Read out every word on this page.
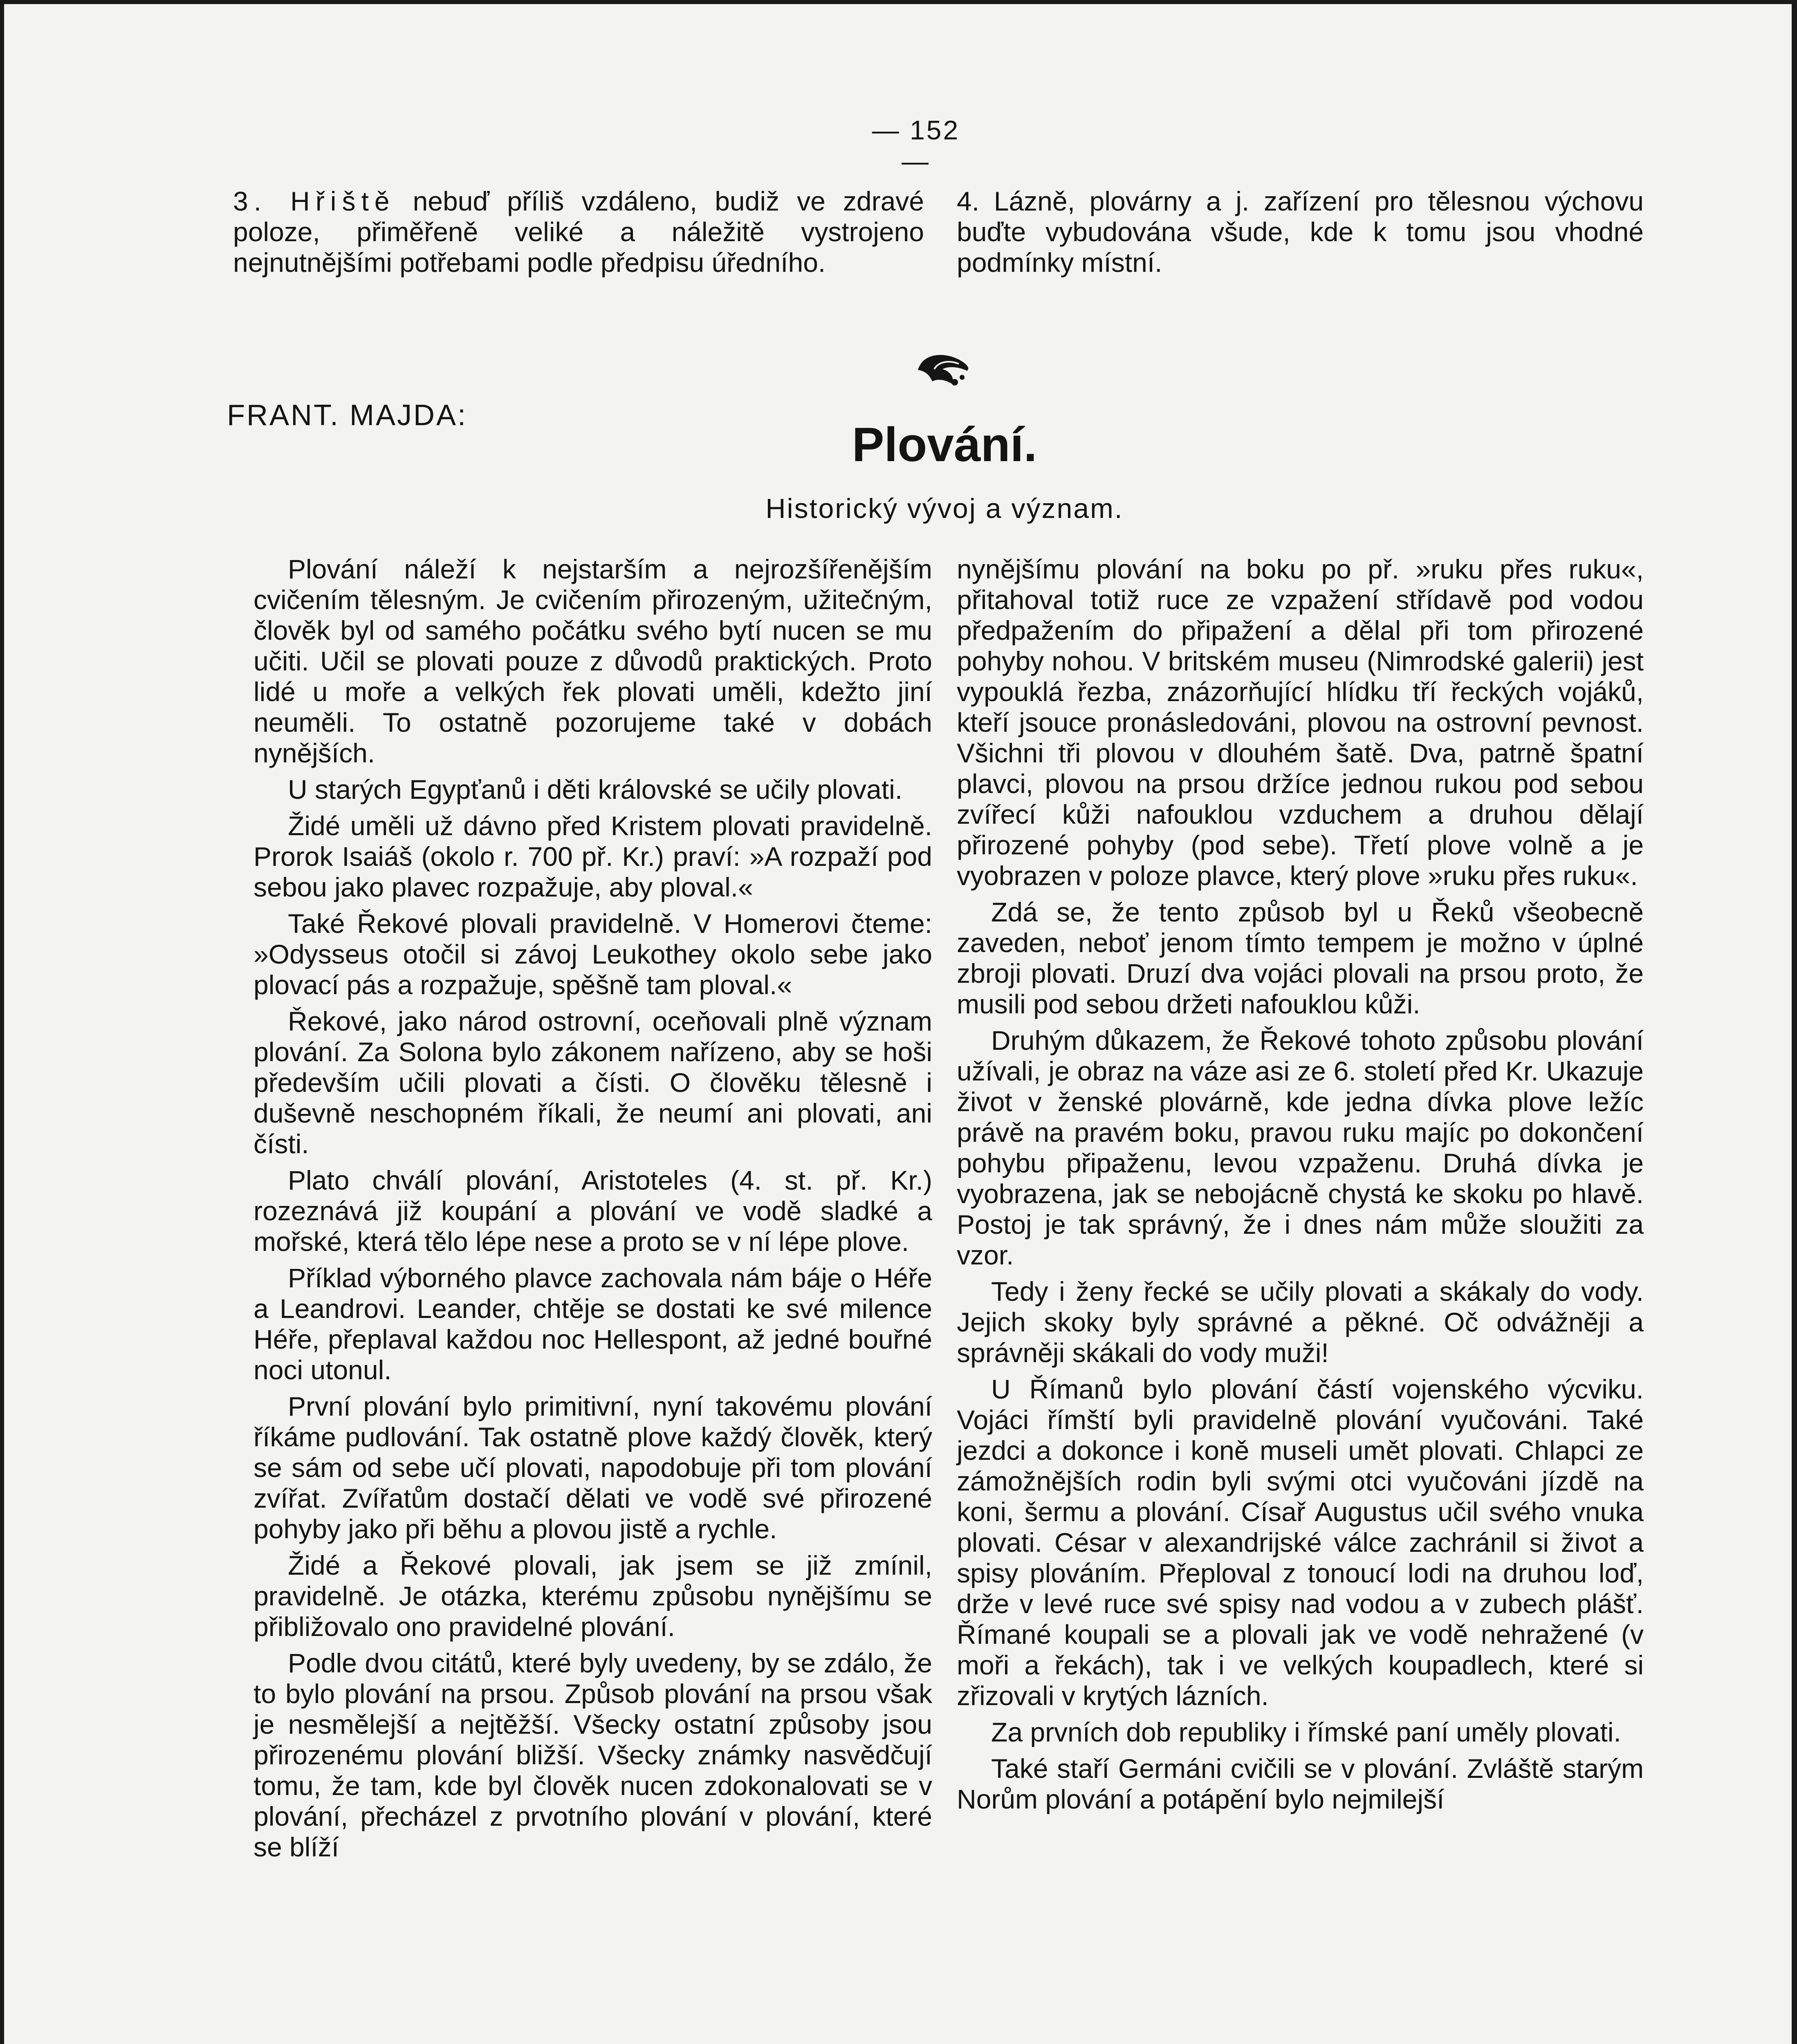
— 152 —

3. Hřiště nebuď příliš vzdáleno, budiž ve zdravé poloze, přiměřeně veliké a náležitě vystrojeno nejnutnějšími potřebami podle předpisu úředního.

4. Lázně, plovárny a j. zařízení pro tělesnou výchovu buďte vybudována všude, kde k tomu jsou vhodné podmínky místní.

FRANT. MAJDA:
Plování.
Historický vývoj a význam.

Plování náleží k nejstarším a nejrozšířenějším cvičením tělesným. Je cvičením přirozeným, užitečným, člověk byl od samého počátku svého bytí nucen se mu učiti. Učil se plovati pouze z důvodů praktických. Proto lidé u moře a velkých řek plovati uměli, kdežto jiní neuměli. To ostatně pozorujeme také v dobách nynějších.

U starých Egypťanů i děti královské se učily plovati.

Židé uměli už dávno před Kristem plovati pravidelně. Prorok Isaiáš (okolo r. 700 př. Kr.) praví: »A rozpaží pod sebou jako plavec rozpažuje, aby ploval.«

Také Řekové plovali pravidelně. V Homerovi čteme: »Odysseus otočil si závoj Leukothey okolo sebe jako plovací pás a rozpažuje, spěšně tam ploval.«

Řekové, jako národ ostrovní, oceňovali plně význam plování. Za Solona bylo zákonem nařízeno, aby se hoši především učili plovati a čísti. O člověku tělesně i duševně neschopném říkali, že neumí ani plovati, ani čísti.

Plato chválí plování, Aristoteles (4. st. př. Kr.) rozeznává již koupání a plování ve vodě sladké a mořské, která tělo lépe nese a proto se v ní lépe plove.

Příklad výborného plavce zachovala nám báje o Héře a Leandrovi. Leander, chtěje se dostati ke své milence Héře, přeplaval každou noc Hellespont, až jedné bouřné noci utonul.

První plování bylo primitivní, nyní takovému plování říkáme pudlování. Tak ostatně plove každý člověk, který se sám od sebe učí plovati, napodobuje při tom plování zvířat. Zvířatům dostačí dělati ve vodě své přirozené pohyby jako při běhu a plovou jistě a rychle.

Židé a Řekové plovali, jak jsem se již zmínil, pravidelně. Je otázka, kterému způsobu nynějšímu se přibližovalo ono pravidelné plování.

Podle dvou citátů, které byly uvedeny, by se zdálo, že to bylo plování na prsou. Způsob plování na prsou však je nesmělejší a nejtěžší. Všecky ostatní způsoby jsou přirozenému plování bližší. Všecky známky nasvědčují tomu, že tam, kde byl člověk nucen zdokonalovati se v plování, přecházel z prvotního plování v plování, které se blíží

nynějšímu plování na boku po př. »ruku přes ruku«, přitahoval totiž ruce ze vzpažení střídavě pod vodou předpažením do připažení a dělal při tom přirozené pohyby nohou. V britském museu (Nimrodské galerii) jest vypouklá řezba, znázorňující hlídku tří řeckých vojáků, kteří jsouce pronásledováni, plovou na ostrovní pevnost. Všichni tři plovou v dlouhém šatě. Dva, patrně špatní plavci, plovou na prsou držíce jednou rukou pod sebou zvířecí kůži nafouklou vzduchem a druhou dělají přirozené pohyby (pod sebe). Třetí plove volně a je vyobrazen v poloze plavce, který plove »ruku přes ruku«.

Zdá se, že tento způsob byl u Řeků všeobecně zaveden, neboť jenom tímto tempem je možno v úplné zbroji plovati. Druzí dva vojáci plovali na prsou proto, že musili pod sebou držeti nafouklou kůži.

Druhým důkazem, že Řekové tohoto způsobu plování užívali, je obraz na váze asi ze 6. století před Kr. Ukazuje život v ženské plovárně, kde jedna dívka plove ležíc právě na pravém boku, pravou ruku majíc po dokončení pohybu připaženu, levou vzpaženu. Druhá dívka je vyobrazena, jak se nebojácně chystá ke skoku po hlavě. Postoj je tak správný, že i dnes nám může sloužiti za vzor.

Tedy i ženy řecké se učily plovati a skákaly do vody. Jejich skoky byly správné a pěkné. Oč odvážněji a správněji skákali do vody muži!

U Římanů bylo plování částí vojenského výcviku. Vojáci římští byli pravidelně plování vyučováni. Také jezdci a dokonce i koně museli umět plovati. Chlapci ze zámožnějších rodin byli svými otci vyučováni jízdě na koni, šermu a plování. Císař Augustus učil svého vnuka plovati. César v alexandrijské válce zachránil si život a spisy plováním. Přeploval z tonoucí lodi na druhou loď, drže v levé ruce své spisy nad vodou a v zubech plášť. Římané koupali se a plovali jak ve vodě nehražené (v moři a řekách), tak i ve velkých koupadlech, které si zřizovali v krytých lázních.

Za prvních dob republiky i římské paní uměly plovati.

Také staří Germáni cvičili se v plování. Zvláště starým Norům plování a potápění bylo nejmilejší
